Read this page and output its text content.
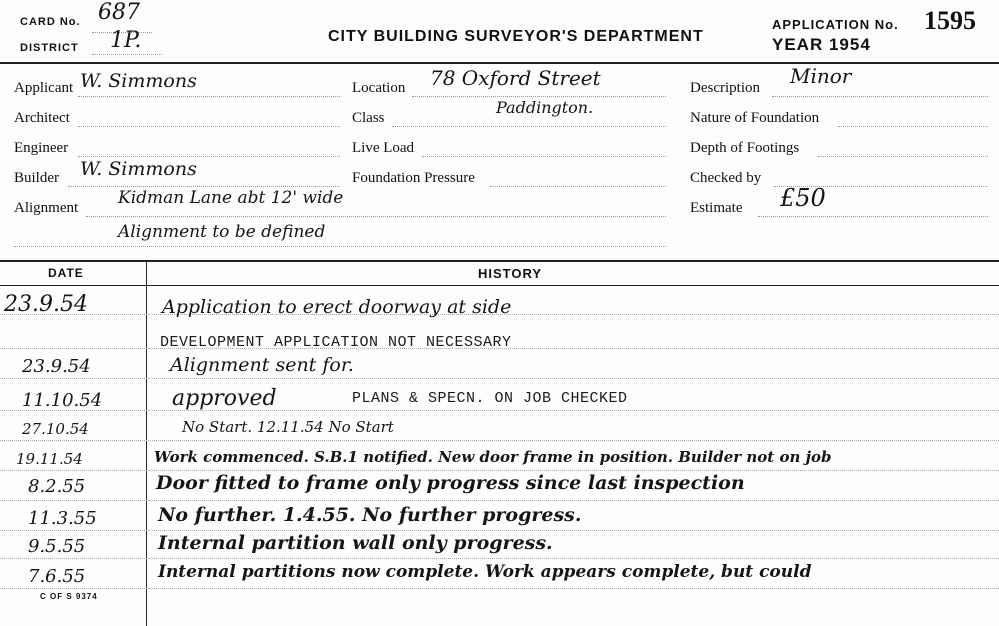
CARD No. 687
DISTRICT 1P.	CITY BUILDING SURVEYOR'S DEPARTMENT
APPLICATION No. 1595
YEAR 1954
Applicant W. Simmons
Architect
Engineer
Builder W. Simmons
Alignment Kidman Lane abt 12' wide
Alignment to be defined
Location 78 Oxford Street
Paddington.
Class
Live Load
Foundation Pressure
Description Minor
Nature of Foundation
Depth of Footings
Checked by
Estimate £50
DATE	HISTORY
23.9.54	Application to erect doorway at side
DEVELOPMENT APPLICATION NOT NECESSARY
23.9.54	Alignment sent for.
11.10.54	approved	PLANS & SPECN. ON JOB CHECKED
27.10.54	No Start. 12.11.54 No Start
19.11.54	Work commenced. S.B.1 notified. New door frame in position. Builder not on job
8.2.55	Door fitted to frame only progress since last inspection
11.3.55	No further. 1.4.55. No further progress.
9.5.55	Internal partition wall only progress.
7.6.55	Internal partitions now complete. Work appears complete, but could
C OF S 9374
